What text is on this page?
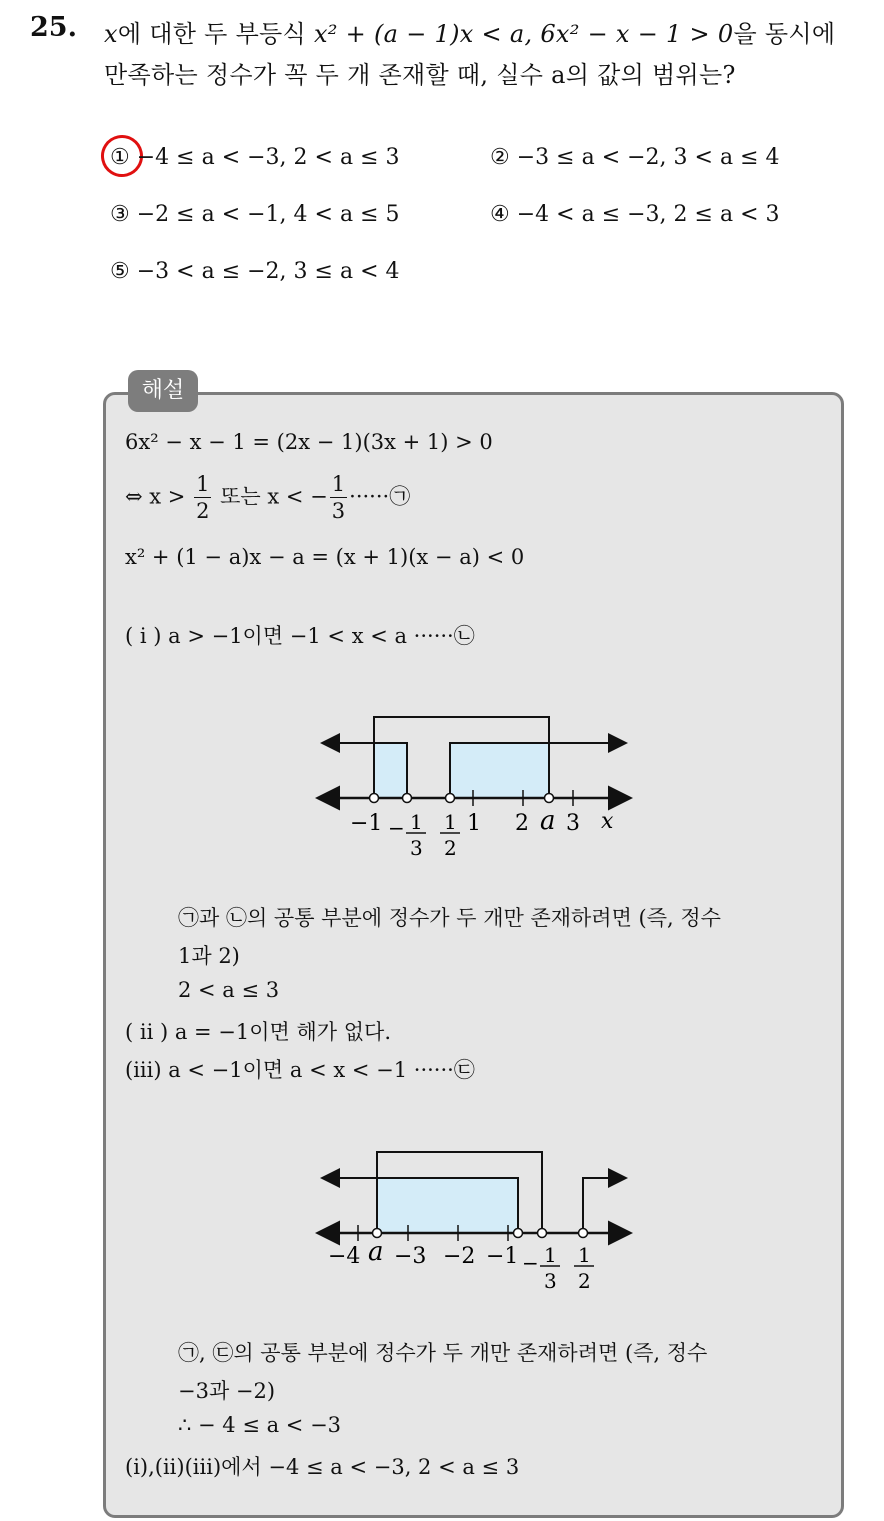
25. x에 대한 두 부등식 x² + (a − 1)x < a, 6x² − x − 1 > 0을 동시에
만족하는 정수가 꼭 두 개 존재할 때, 실수 a의 값의 범위는?
① −4 ≤ a < −3, 2 < a ≤ 3	② −3 ≤ a < −2, 3 < a ≤ 4
③ −2 ≤ a < −1, 4 < a ≤ 5	④ −4 < a ≤ −3, 2 ≤ a < 3
⑤ −3 < a ≤ −2, 3 ≤ a < 4
해설
6x² − x − 1 = (2x − 1)(3x + 1) > 0
⇔ $x > \frac{1}{2}$ 또는 x < − $\frac{1}{3}$ ······㉠
x² + (1 − a)x − a = (x + 1)(x − a) < 0
( i ) a > −1이면 −1 < x < a ······㉡
−1 − 1
3
1
2
1 2 a 3 x
㉠과 ㉡의 공통 부분에 정수가 두 개만 존재하려면 (즉, 정수
1과 2)
2 < a ≤ 3
( ii ) a = −1이면 해가 없다.
(iii) a < −1이면 a < x < −1 ······㉢
−4 a −3 −2 −1 − 1
3
1
2
㉠, ㉢의 공통 부분에 정수가 두 개만 존재하려면 (즉, 정수
−3과 −2)
∴ − 4 ≤ a < −3
(i),(ii)(iii)에서 −4 ≤ a < −3, 2 < a ≤ 3
